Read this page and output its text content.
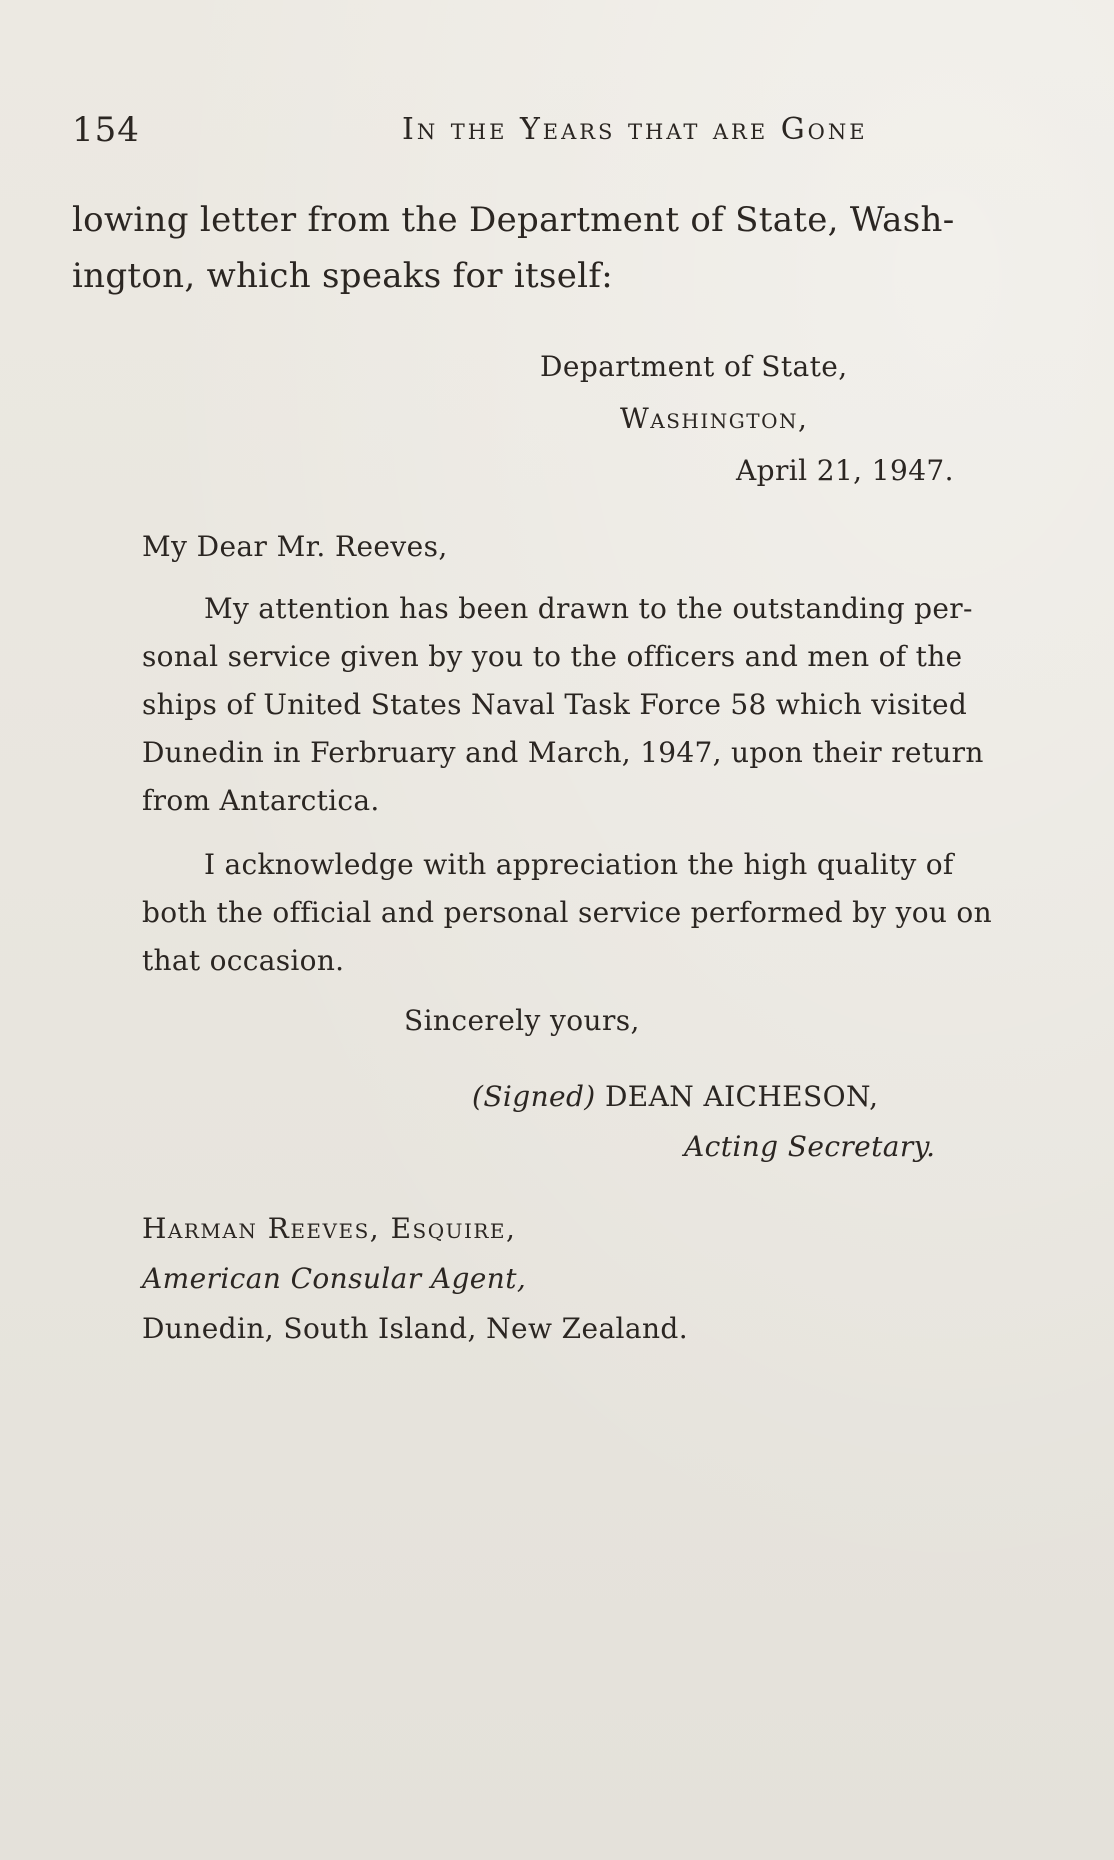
154	In the Years that are Gone
lowing letter from the Department of State, Wash-
ington, which speaks for itself:
Department of State,
Washington,
April 21, 1947.
My Dear Mr. Reeves,
My attention has been drawn to the outstanding per-
sonal service given by you to the officers and men of the
ships of United States Naval Task Force 58 which visited
Dunedin in Ferbruary and March, 1947, upon their return
from Antarctica.
I acknowledge with appreciation the high quality of
both the official and personal service performed by you on
that occasion.
Sincerely yours,
(Signed) DEAN AICHESON,
Acting Secretary.
Harman Reeves, Esquire,
American Consular Agent,
Dunedin, South Island, New Zealand.
